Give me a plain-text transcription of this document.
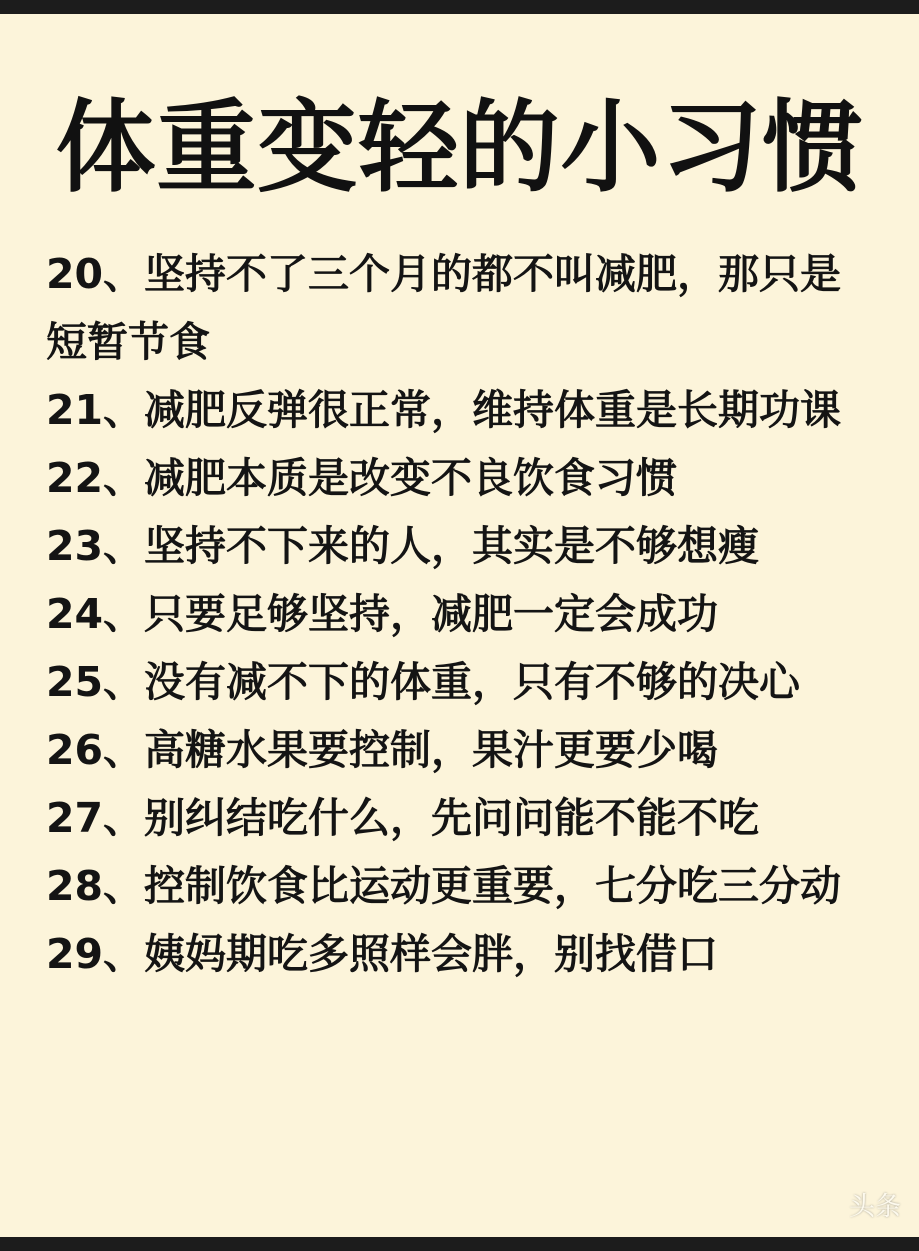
体重变轻的小习惯
20、坚持不了三个月的都不叫减肥，那只是短暂节食
21、减肥反弹很正常，维持体重是长期功课
22、减肥本质是改变不良饮食习惯
23、坚持不下来的人，其实是不够想瘦
24、只要足够坚持，减肥一定会成功
25、没有减不下的体重，只有不够的决心
26、高糖水果要控制，果汁更要少喝
27、别纠结吃什么，先问问能不能不吃
28、控制饮食比运动更重要，七分吃三分动
29、姨妈期吃多照样会胖，别找借口
头条
